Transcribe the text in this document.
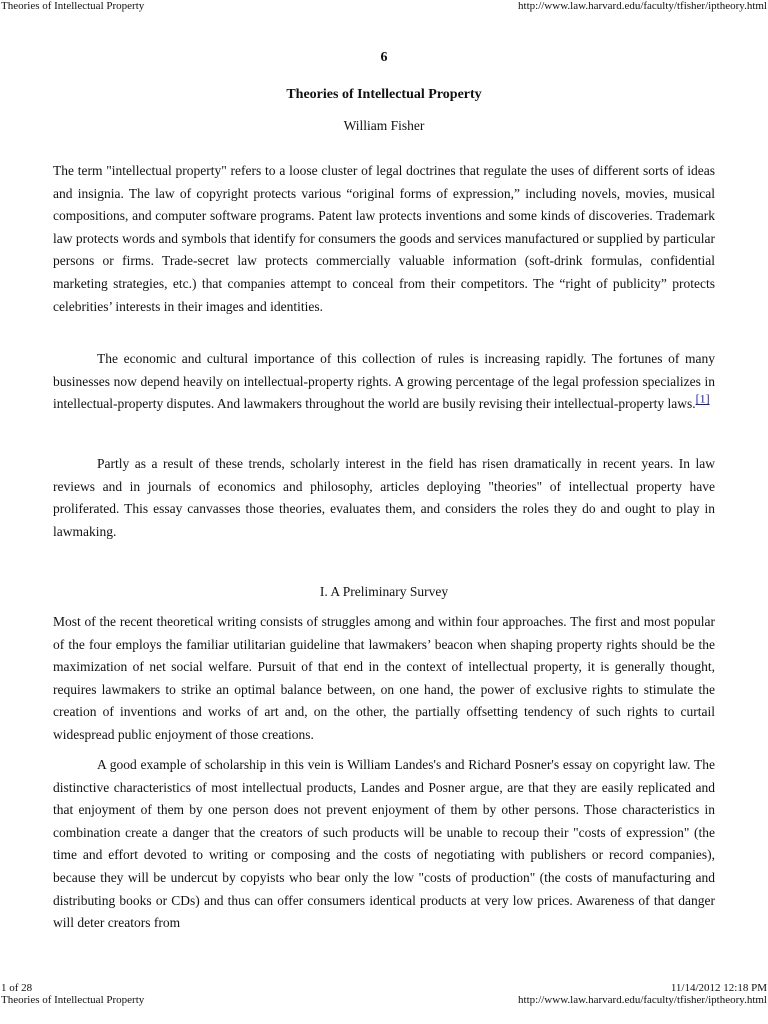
Theories of Intellectual Property	http://www.law.harvard.edu/faculty/tfisher/iptheory.html
6
Theories of Intellectual Property
William Fisher

The term "intellectual property" refers to a loose cluster of legal doctrines that regulate the uses of different sorts of ideas and insignia. The law of copyright protects various “original forms of expression,” including novels, movies, musical compositions, and computer software programs. Patent law protects inventions and some kinds of discoveries. Trademark law protects words and symbols that identify for consumers the goods and services manufactured or supplied by particular persons or firms. Trade-secret law protects commercially valuable information (soft-drink formulas, confidential marketing strategies, etc.) that companies attempt to conceal from their competitors. The “right of publicity” protects celebrities’ interests in their images and identities.

The economic and cultural importance of this collection of rules is increasing rapidly. The fortunes of many businesses now depend heavily on intellectual-property rights. A growing percentage of the legal profession specializes in intellectual-property disputes. And lawmakers throughout the world are busily revising their intellectual-property laws.[1]

Partly as a result of these trends, scholarly interest in the field has risen dramatically in recent years. In law reviews and in journals of economics and philosophy, articles deploying "theories" of intellectual property have proliferated. This essay canvasses those theories, evaluates them, and considers the roles they do and ought to play in lawmaking.

I. A Preliminary Survey

Most of the recent theoretical writing consists of struggles among and within four approaches. The first and most popular of the four employs the familiar utilitarian guideline that lawmakers’ beacon when shaping property rights should be the maximization of net social welfare. Pursuit of that end in the context of intellectual property, it is generally thought, requires lawmakers to strike an optimal balance between, on one hand, the power of exclusive rights to stimulate the creation of inventions and works of art and, on the other, the partially offsetting tendency of such rights to curtail widespread public enjoyment of those creations.

A good example of scholarship in this vein is William Landes's and Richard Posner's essay on copyright law. The distinctive characteristics of most intellectual products, Landes and Posner argue, are that they are easily replicated and that enjoyment of them by one person does not prevent enjoyment of them by other persons. Those characteristics in combination create a danger that the creators of such products will be unable to recoup their "costs of expression" (the time and effort devoted to writing or composing and the costs of negotiating with publishers or record companies), because they will be undercut by copyists who bear only the low "costs of production" (the costs of manufacturing and distributing books or CDs) and thus can offer consumers identical products at very low prices. Awareness of that danger will deter creators from

1 of 28	11/14/2012 12:18 PM
Theories of Intellectual Property	http://www.law.harvard.edu/faculty/tfisher/iptheory.html
